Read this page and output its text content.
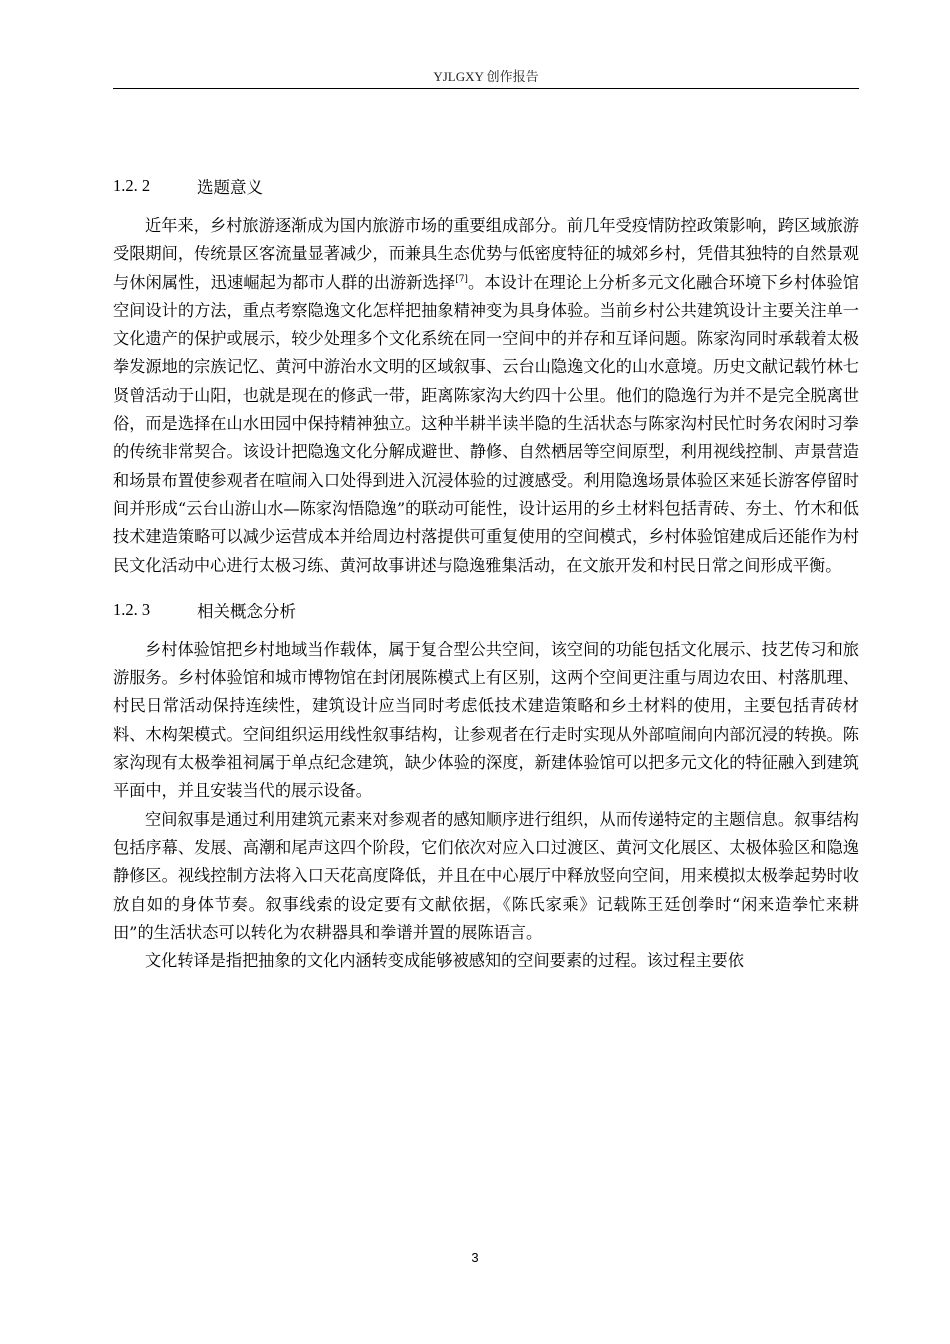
YJLGXY 创作报告
1.2. 2	选题意义

近年来，乡村旅游逐渐成为国内旅游市场的重要组成部分。前几年受疫情防控政策影响，跨区域旅游受限期间，传统景区客流量显著减少，而兼具生态优势与低密度特征的城郊乡村，凭借其独特的自然景观与休闲属性，迅速崛起为都市人群的出游新选择[7]。本设计在理论上分析多元文化融合环境下乡村体验馆空间设计的方法，重点考察隐逸文化怎样把抽象精神变为具身体验。当前乡村公共建筑设计主要关注单一文化遗产的保护或展示，较少处理多个文化系统在同一空间中的并存和互译问题。陈家沟同时承载着太极拳发源地的宗族记忆、黄河中游治水文明的区域叙事、云台山隐逸文化的山水意境。历史文献记载竹林七贤曾活动于山阳，也就是现在的修武一带，距离陈家沟大约四十公里。他们的隐逸行为并不是完全脱离世俗，而是选择在山水田园中保持精神独立。这种半耕半读半隐的生活状态与陈家沟村民忙时务农闲时习拳的传统非常契合。该设计把隐逸文化分解成避世、静修、自然栖居等空间原型，利用视线控制、声景营造和场景布置使参观者在喧闹入口处得到进入沉浸体验的过渡感受。利用隐逸场景体验区来延长游客停留时间并形成“云台山游山水—陈家沟悟隐逸”的联动可能性，设计运用的乡土材料包括青砖、夯土、竹木和低技术建造策略可以减少运营成本并给周边村落提供可重复使用的空间模式，乡村体验馆建成后还能作为村民文化活动中心进行太极习练、黄河故事讲述与隐逸雅集活动，在文旅开发和村民日常之间形成平衡。

1.2. 3	相关概念分析

乡村体验馆把乡村地域当作载体，属于复合型公共空间，该空间的功能包括文化展示、技艺传习和旅游服务。乡村体验馆和城市博物馆在封闭展陈模式上有区别，这两个空间更注重与周边农田、村落肌理、村民日常活动保持连续性，建筑设计应当同时考虑低技术建造策略和乡土材料的使用，主要包括青砖材料、木构架模式。空间组织运用线性叙事结构，让参观者在行走时实现从外部喧闹向内部沉浸的转换。陈家沟现有太极拳祖祠属于单点纪念建筑，缺少体验的深度，新建体验馆可以把多元文化的特征融入到建筑平面中，并且安装当代的展示设备。

空间叙事是通过利用建筑元素来对参观者的感知顺序进行组织，从而传递特定的主题信息。叙事结构包括序幕、发展、高潮和尾声这四个阶段，它们依次对应入口过渡区、黄河文化展区、太极体验区和隐逸静修区。视线控制方法将入口天花高度降低，并且在中心展厅中释放竖向空间，用来模拟太极拳起势时收放自如的身体节奏。叙事线索的设定要有文献依据，《陈氏家乘》记载陈王廷创拳时“闲来造拳忙来耕田”的生活状态可以转化为农耕器具和拳谱并置的展陈语言。

文化转译是指把抽象的文化内涵转变成能够被感知的空间要素的过程。该过程主要依

3
